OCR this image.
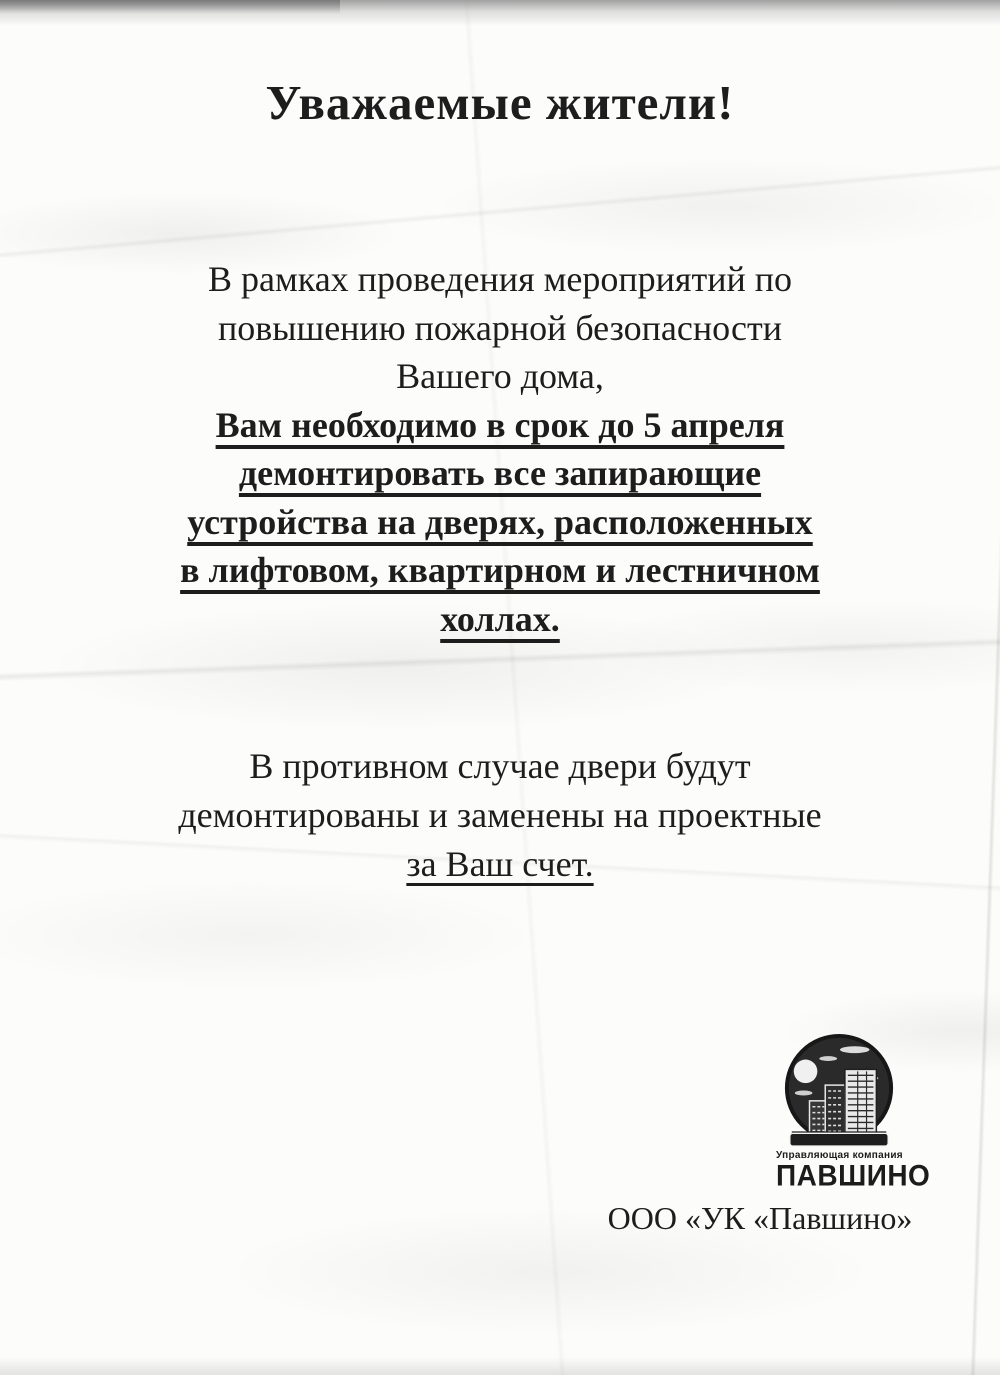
Уважаемые жители!

В рамках проведения мероприятий по

повышению пожарной безопасности

Вашего дома,

Вам необходимо в срок до 5 апреля

демонтировать все запирающие

устройства на дверях, расположенных

в лифтовом, квартирном и лестничном

холлах.

В противном случае двери будут

демонтированы и заменены на проектные

за Ваш счет.

Управляющая компания
ПАВШИНО
ООО «УК «Павшино»
